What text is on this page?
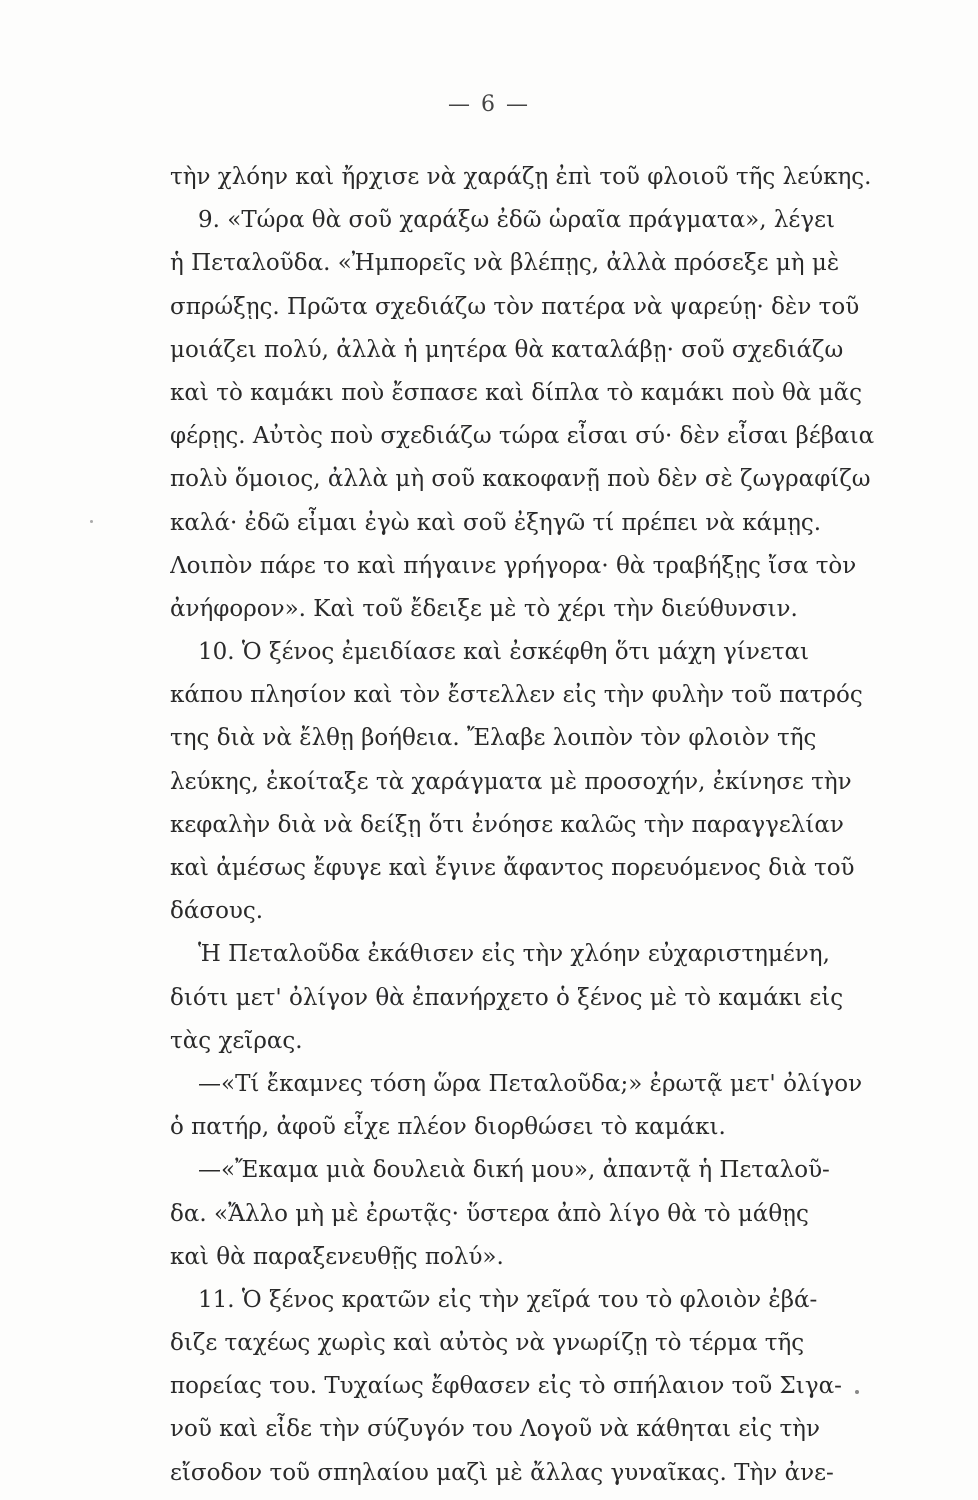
— 6 —
τὴν χλόην καὶ ἤρχισε νὰ χαράζῃ ἐπὶ τοῦ φλοιοῦ τῆς λεύκης.
9. «Τώρα θὰ σοῦ χαράξω ἐδῶ ὡραῖα πράγματα», λέγει
ἡ Πεταλοῦδα. «Ἠμπορεῖς νὰ βλέπῃς, ἀλλὰ πρόσεξε μὴ μὲ
σπρώξῃς. Πρῶτα σχεδιάζω τὸν πατέρα νὰ ψαρεύῃ· δὲν τοῦ
μοιάζει πολύ, ἀλλὰ ἡ μητέρα θὰ καταλάβῃ· σοῦ σχεδιάζω
καὶ τὸ καμάκι ποὺ ἔσπασε καὶ δίπλα τὸ καμάκι ποὺ θὰ μᾶς
φέρῃς. Αὐτὸς ποὺ σχεδιάζω τώρα εἶσαι σύ· δὲν εἶσαι βέβαια
πολὺ ὅμοιος, ἀλλὰ μὴ σοῦ κακοφανῇ ποὺ δὲν σὲ ζωγραφίζω
καλά· ἐδῶ εἶμαι ἐγὼ καὶ σοῦ ἐξηγῶ τί πρέπει νὰ κάμῃς.
Λοιπὸν πάρε το καὶ πήγαινε γρήγορα· θὰ τραβήξῃς ἴσα τὸν
ἀνήφορον». Καὶ τοῦ ἔδειξε μὲ τὸ χέρι τὴν διεύθυνσιν.
10. Ὁ ξένος ἐμειδίασε καὶ ἐσκέφθη ὅτι μάχη γίνεται
κάπου πλησίον καὶ τὸν ἔστελλεν εἰς τὴν φυλὴν τοῦ πατρός
της διὰ νὰ ἔλθῃ βοήθεια. Ἔλαβε λοιπὸν τὸν φλοιὸν τῆς
λεύκης, ἐκοίταξε τὰ χαράγματα μὲ προσοχήν, ἐκίνησε τὴν
κεφαλὴν διὰ νὰ δείξῃ ὅτι ἐνόησε καλῶς τὴν παραγγελίαν
καὶ ἀμέσως ἔφυγε καὶ ἔγινε ἄφαντος πορευόμενος διὰ τοῦ
δάσους.
Ἡ Πεταλοῦδα ἐκάθισεν εἰς τὴν χλόην εὐχαριστημένη,
διότι μετ' ὀλίγον θὰ ἐπανήρχετο ὁ ξένος μὲ τὸ καμάκι εἰς
τὰς χεῖρας.
—«Τί ἔκαμνες τόση ὥρα Πεταλοῦδα;» ἐρωτᾷ μετ' ὀλίγον
ὁ πατήρ, ἀφοῦ εἶχε πλέον διορθώσει τὸ καμάκι.
—«Ἔκαμα μιὰ δουλειὰ δική μου», ἀπαντᾷ ἡ Πεταλοῦ-
δα. «Ἄλλο μὴ μὲ ἐρωτᾷς· ὕστερα ἀπὸ λίγο θὰ τὸ μάθῃς
καὶ θὰ παραξενευθῇς πολύ».
11. Ὁ ξένος κρατῶν εἰς τὴν χεῖρά του τὸ φλοιὸν ἐβά-
διζε ταχέως χωρὶς καὶ αὐτὸς νὰ γνωρίζῃ τὸ τέρμα τῆς
πορείας του. Τυχαίως ἔφθασεν εἰς τὸ σπήλαιον τοῦ Σιγα-
νοῦ καὶ εἶδε τὴν σύζυγόν του Λογοῦ νὰ κάθηται εἰς τὴν
εἴσοδον τοῦ σπηλαίου μαζὶ μὲ ἄλλας γυναῖκας. Τὴν ἀνε-
